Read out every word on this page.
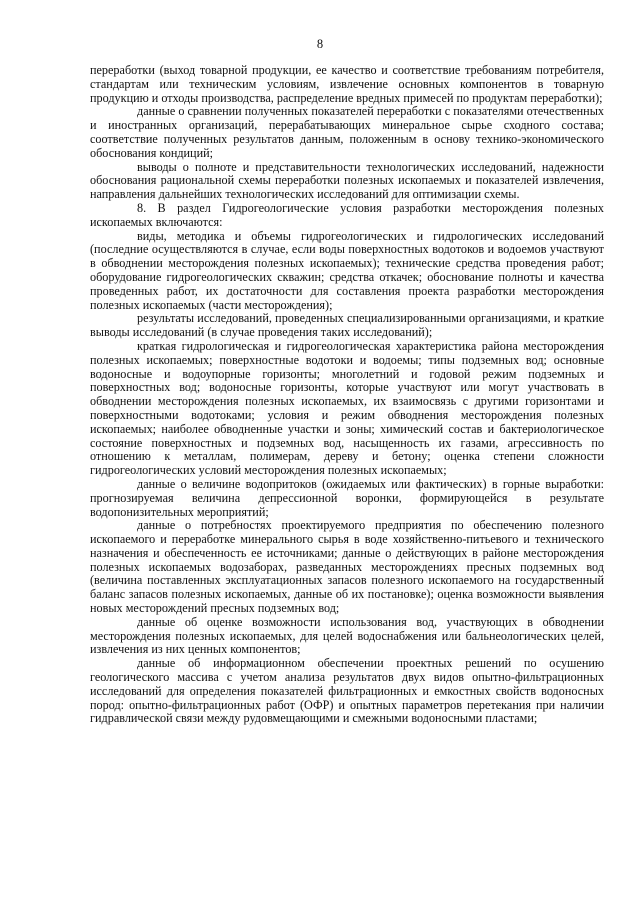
8

переработки (выход товарной продукции, ее качество и соответствие требованиям потребителя, стандартам или техническим условиям, извлечение основных компонентов в товарную продукцию и отходы производства, распределение вредных примесей по продуктам переработки);

данные о сравнении полученных показателей переработки с показателями отечественных и иностранных организаций, перерабатывающих минеральное сырье сходного состава; соответствие полученных результатов данным, положенным в основу технико-экономического обоснования кондиций;

выводы о полноте и представительности технологических исследований, надежности обоснования рациональной схемы переработки полезных ископаемых и показателей извлечения, направления дальнейших технологических исследований для оптимизации схемы.

8. В раздел Гидрогеологические условия разработки месторождения полезных ископаемых включаются:

виды, методика и объемы гидрогеологических и гидрологических исследований (последние осуществляются в случае, если воды поверхностных водотоков и водоемов участвуют в обводнении месторождения полезных ископаемых); технические средства проведения работ; оборудование гидрогеологических скважин; средства откачек; обоснование полноты и качества проведенных работ, их достаточности для составления проекта разработки месторождения полезных ископаемых (части месторождения);

результаты исследований, проведенных специализированными организациями, и краткие выводы исследований (в случае проведения таких исследований);

краткая гидрологическая и гидрогеологическая характеристика района месторождения полезных ископаемых; поверхностные водотоки и водоемы; типы подземных вод; основные водоносные и водоупорные горизонты; многолетний и годовой режим подземных и поверхностных вод; водоносные горизонты, которые участвуют или могут участвовать в обводнении месторождения полезных ископаемых, их взаимосвязь с другими горизонтами и поверхностными водотоками; условия и режим обводнения месторождения полезных ископаемых; наиболее обводненные участки и зоны; химический состав и бактериологическое состояние поверхностных и подземных вод, насыщенность их газами, агрессивность по отношению к металлам, полимерам, дереву и бетону; оценка степени сложности гидрогеологических условий месторождения полезных ископаемых;

данные о величине водопритоков (ожидаемых или фактических) в горные выработки: прогнозируемая величина депрессионной воронки, формирующейся в результате водопонизительных мероприятий;

данные о потребностях проектируемого предприятия по обеспечению полезного ископаемого и переработке минерального сырья в воде хозяйственно-питьевого и технического назначения и обеспеченность ее источниками; данные о действующих в районе месторождения полезных ископаемых водозаборах, разведанных месторождениях пресных подземных вод (величина поставленных эксплуатационных запасов полезного ископаемого на государственный баланс запасов полезных ископаемых, данные об их постановке); оценка возможности выявления новых месторождений пресных подземных вод;

данные об оценке возможности использования вод, участвующих в обводнении месторождения полезных ископаемых, для целей водоснабжения или бальнеологических целей, извлечения из них ценных компонентов;

данные об информационном обеспечении проектных решений по осушению геологического массива с учетом анализа результатов двух видов опытно-фильтрационных исследований для определения показателей фильтрационных и емкостных свойств водоносных пород: опытно-фильтрационных работ (ОФР) и опытных параметров перетекания при наличии гидравлической связи между рудовмещающими и смежными водоносными пластами;
